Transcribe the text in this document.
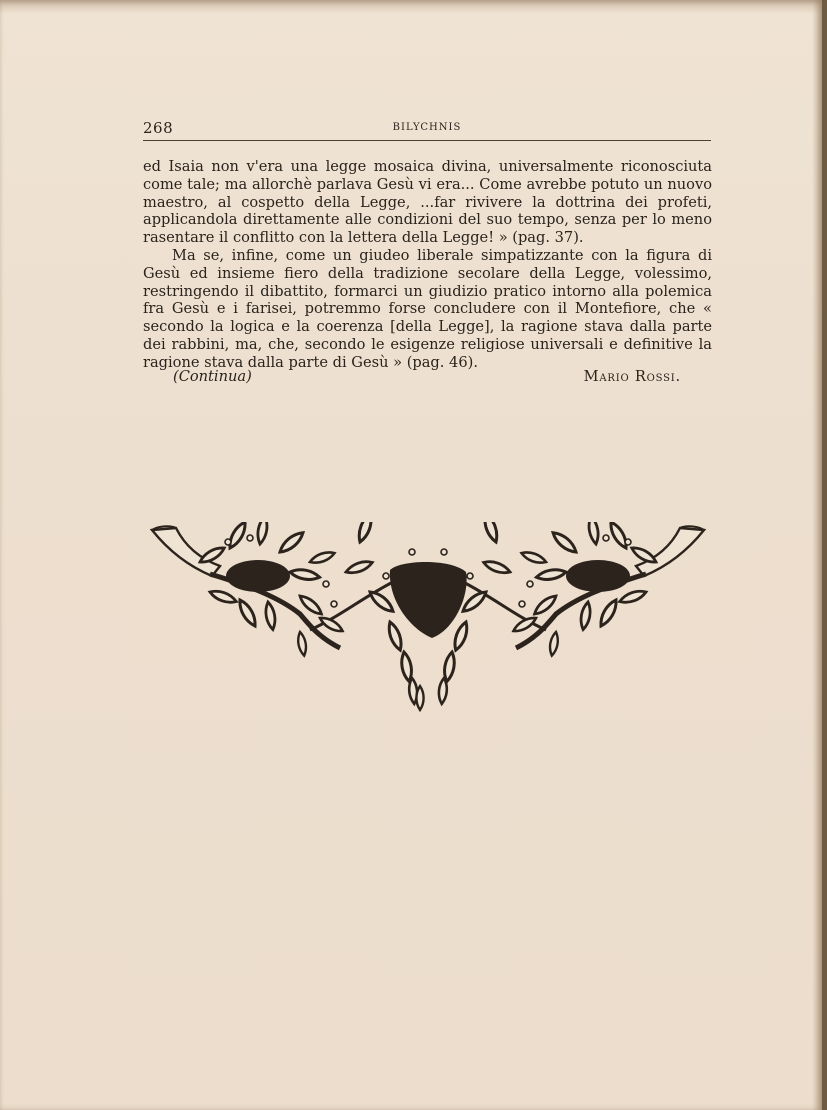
268	BILYCHNIS

ed Isaia non v'era una legge mosaica divina, universalmente riconosciuta come tale; ma allorchè parlava Gesù vi era... Come avrebbe potuto un nuovo maestro, al cospetto della Legge, ...far rivivere la dottrina dei profeti, applicandola direttamente alle condizioni del suo tempo, senza per lo meno rasentare il conflitto con la lettera della Legge! » (pag. 37).

Ma se, infine, come un giudeo liberale simpatizzante con la figura di Gesù ed insieme fiero della tradizione secolare della Legge, volessimo, restringendo il dibattito, formarci un giudizio pratico intorno alla polemica fra Gesù e i farisei, potremmo forse concludere con il Montefiore, che « secondo la logica e la coerenza [della Legge], la ragione stava dalla parte dei rabbini, ma, che, secondo le esigenze religiose universali e definitive la ragione stava dalla parte di Gesù » (pag. 46).

(Continua)	Mario Rossi.
